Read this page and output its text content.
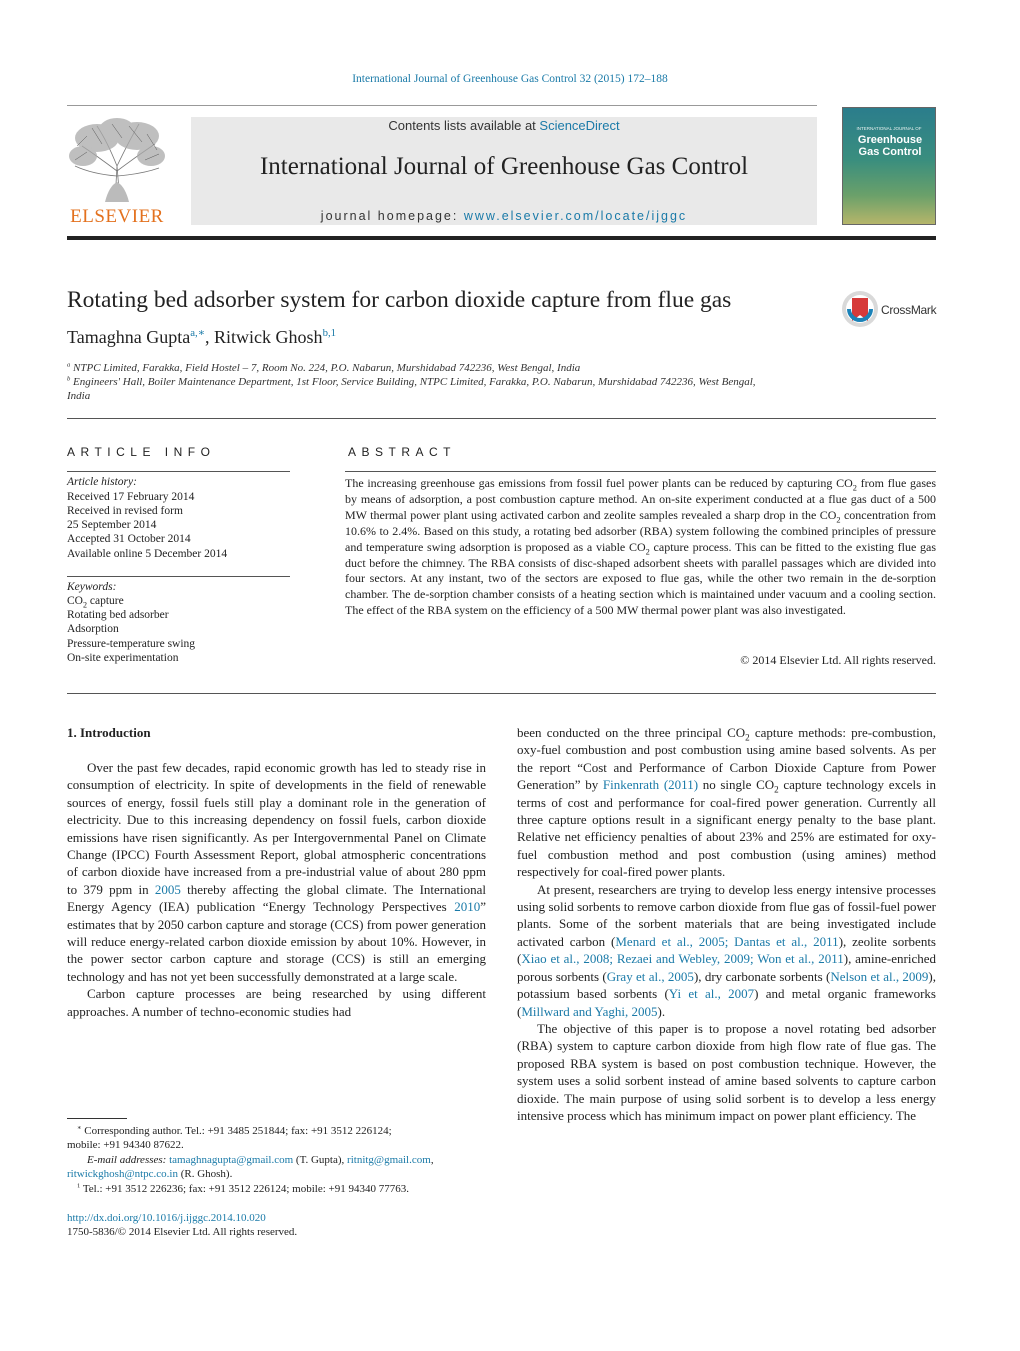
International Journal of Greenhouse Gas Control 32 (2015) 172–188
ELSEVIER
Contents lists available at ScienceDirect
International Journal of Greenhouse Gas Control
journal homepage: www.elsevier.com/locate/ijggc
INTERNATIONAL JOURNAL OF
Greenhouse Gas Control
Rotating bed adsorber system for carbon dioxide capture from flue gas	CrossMark
Tamaghna Gupta$^{a,∗}$, Ritwick Ghosh$^{b,1}$
$^a$ NTPC Limited, Farakka, Field Hostel – 7, Room No. 224, P.O. Nabarun, Murshidabad 742236, West Bengal, India
$^b$ Engineers' Hall, Boiler Maintenance Department, 1st Floor, Service Building, NTPC Limited, Farakka, P.O. Nabarun, Murshidabad 742236, West Bengal,
India
ARTICLE INFO	ABSTRACT
Article history:
Received 17 February 2014
Received in revised form
25 September 2014
Accepted 31 October 2014
Available online 5 December 2014
Keywords:
$CO_2$ capture
Rotating bed adsorber
Adsorption
Pressure-temperature swing
On-site experimentation
The increasing greenhouse gas emissions from fossil fuel power plants can be reduced by capturing $CO_2$ from flue gases by means of adsorption, a post combustion capture method. An on-site experiment conducted at a flue gas duct of a 500 MW thermal power plant using activated carbon and zeolite samples revealed a sharp drop in the $CO_2$ concentration from 10.6% to 2.4%. Based on this study, a rotating bed adsorber (RBA) system following the combined principles of pressure and temperature swing adsorption is proposed as a viable $CO_2$ capture process. This can be fitted to the existing flue gas duct before the chimney. The RBA consists of disc-shaped adsorbent sheets with parallel passages which are divided into four sectors. At any instant, two of the sectors are exposed to flue gas, while the other two remain in the de-sorption chamber. The de-sorption chamber consists of a heating section which is maintained under vacuum and a cooling section. The effect of the RBA system on the efficiency of a 500 MW thermal power plant was also investigated.
© 2014 Elsevier Ltd. All rights reserved.
1. Introduction

Over the past few decades, rapid economic growth has led to steady rise in consumption of electricity. In spite of developments in the field of renewable sources of energy, fossil fuels still play a dominant role in the generation of electricity. Due to this increasing dependency on fossil fuels, carbon dioxide emissions have risen significantly. As per Intergovernmental Panel on Climate Change (IPCC) Fourth Assessment Report, global atmospheric concentrations of carbon dioxide have increased from a pre-industrial value of about 280 ppm to 379 ppm in 2005 thereby affecting the global climate. The International Energy Agency (IEA) publication “Energy Technology Perspectives 2010” estimates that by 2050 carbon capture and storage (CCS) from power generation will reduce energy-related carbon dioxide emission by about 10%. However, in the power sector carbon capture and storage (CCS) is still an emerging technology and has not yet been successfully demonstrated at a large scale.

Carbon capture processes are being researched by using different approaches. A number of techno-economic studies had

been conducted on the three principal $CO_2$ capture methods: pre-combustion, oxy-fuel combustion and post combustion using amine based solvents. As per the report “Cost and Performance of Carbon Dioxide Capture from Power Generation” by Finkenrath (2011) no single $CO_2$ capture technology excels in terms of cost and performance for coal-fired power generation. Currently all three capture options result in a significant energy penalty to the base plant. Relative net efficiency penalties of about 23% and 25% are estimated for oxy-fuel combustion method and post combustion (using amines) method respectively for coal-fired power plants.

At present, researchers are trying to develop less energy intensive processes using solid sorbents to remove carbon dioxide from flue gas of fossil-fuel power plants. Some of the sorbent materials that are being investigated include activated carbon (Menard et al., 2005; Dantas et al., 2011), zeolite sorbents (Xiao et al., 2008; Rezaei and Webley, 2009; Won et al., 2011), amine-enriched porous sorbents (Gray et al., 2005), dry carbonate sorbents (Nelson et al., 2009), potassium based sorbents (Yi et al., 2007) and metal organic frameworks (Millward and Yaghi, 2005).

The objective of this paper is to propose a novel rotating bed adsorber (RBA) system to capture carbon dioxide from high flow rate of flue gas. The proposed RBA system is based on post combustion technique. However, the system uses a solid sorbent instead of amine based solvents to capture carbon dioxide. The main purpose of using solid sorbent is to develop a less energy intensive process which has minimum impact on power plant efficiency. The

∗ Corresponding author. Tel.: +91 3485 251844; fax: +91 3512 226124;
mobile: +91 94340 87622.
E-mail addresses: tamaghnagupta@gmail.com (T. Gupta), ritnitg@gmail.com,
ritwickghosh@ntpc.co.in (R. Ghosh).
$^1$ Tel.: +91 3512 226236; fax: +91 3512 226124; mobile: +91 94340 77763.
http://dx.doi.org/10.1016/j.ijggc.2014.10.020
1750-5836/© 2014 Elsevier Ltd. All rights reserved.
